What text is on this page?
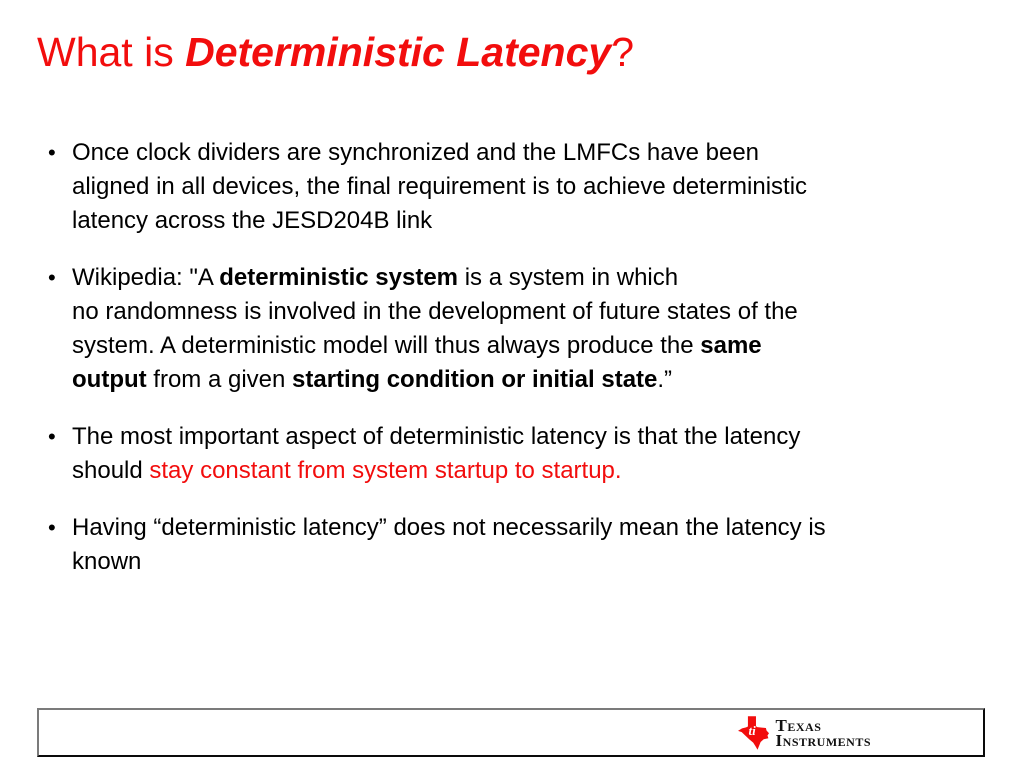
What is Deterministic Latency?
• Once clock dividers are synchronized and the LMFCs have been
aligned in all devices, the final requirement is to achieve deterministic
latency across the JESD204B link
• Wikipedia: "A deterministic system is a system in which
no randomness is involved in the development of future states of the
system. A deterministic model will thus always produce the same
output from a given starting condition or initial state.”
• The most important aspect of deterministic latency is that the latency
should stay constant from system startup to startup.
• Having “deterministic latency” does not necessarily mean the latency is
known
ti Texas
Instruments
